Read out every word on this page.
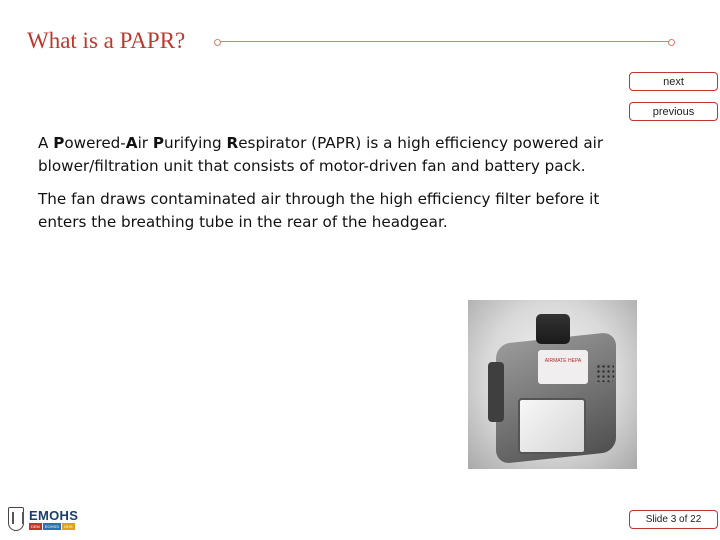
What is a PAPR?
next
previous

A Powered-Air Purifying Respirator (PAPR) is a high efficiency powered air blower/filtration unit that consists of motor-driven fan and battery pack.

The fan draws contaminated air through the high efficiency filter before it enters the breathing tube in the rear of the headgear.

AIRMATE HEPA
EMOHS
DEM	EOHSS	OHS
Slide 3 of 22
